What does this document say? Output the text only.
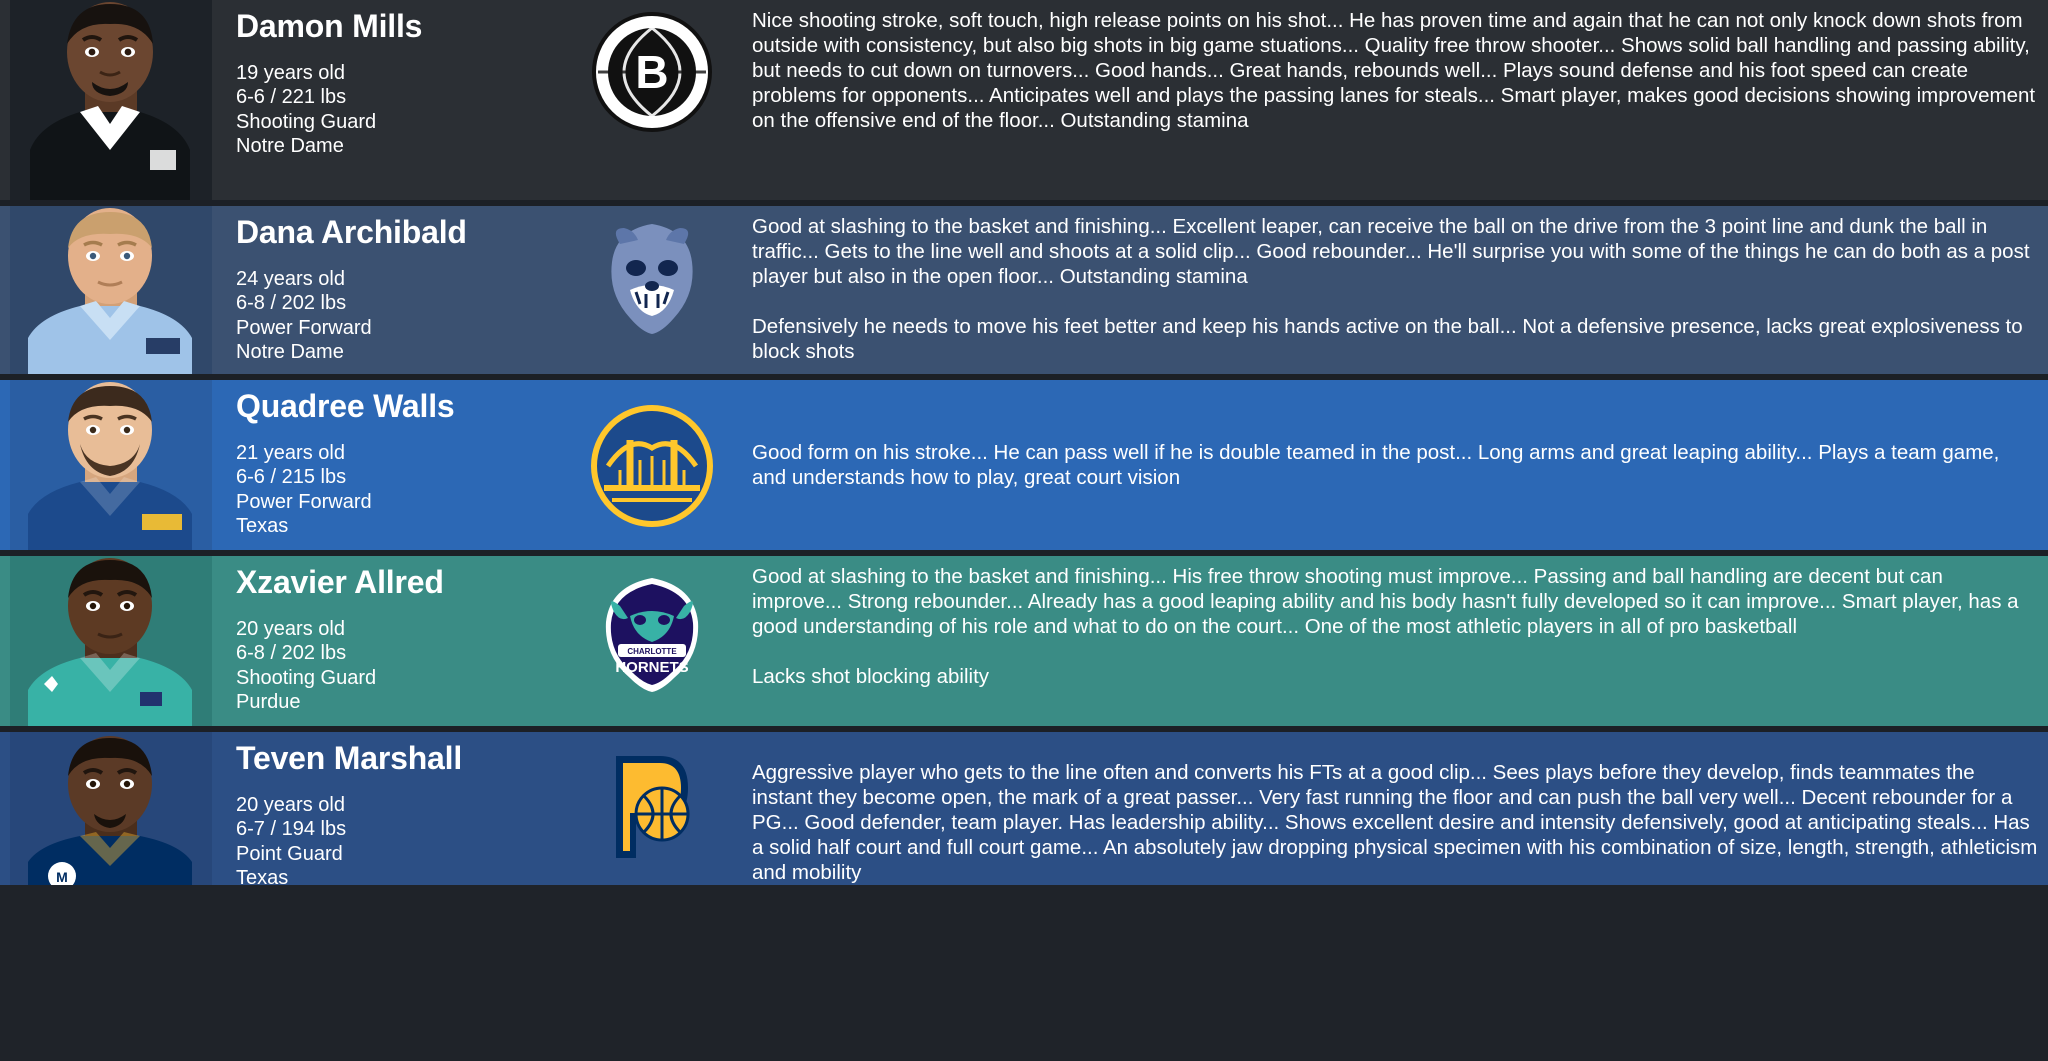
Damon Mills
19 years old
6-6 / 221 lbs
Shooting Guard
Notre Dame
B

Nice shooting stroke, soft touch, high release points on his shot... He has proven time and again that he can not only knock down shots from outside with consistency, but also big shots in big game stuations... Quality free throw shooter... Shows solid ball handling and passing ability, but needs to cut down on turnovers... Good hands... Great hands, rebounds well... Plays sound defense and his foot speed can create problems for opponents... Anticipates well and plays the passing lanes for steals... Smart player, makes good decisions showing improvement on the offensive end of the floor... Outstanding stamina

Dana Archibald
24 years old
6-8 / 202 lbs
Power Forward
Notre Dame

Good at slashing to the basket and finishing... Excellent leaper, can receive the ball on the drive from the 3 point line and dunk the ball in traffic... Gets to the line well and shoots at a solid clip... Good rebounder... He'll surprise you with some of the things he can do both as a post player but also in the open floor... Outstanding stamina

Defensively he needs to move his feet better and keep his hands active on the ball... Not a defensive presence, lacks great explosiveness to block shots

Quadree Walls
21 years old
6-6 / 215 lbs
Power Forward
Texas

Good form on his stroke... He can pass well if he is double teamed in the post... Long arms and great leaping ability... Plays a team game, and understands how to play, great court vision

Xzavier Allred
20 years old
6-8 / 202 lbs
Shooting Guard
Purdue
CHARLOTTE
HORNETS

Good at slashing to the basket and finishing... His free throw shooting must improve... Passing and ball handling are decent but can improve... Strong rebounder... Already has a good leaping ability and his body hasn't fully developed so it can improve... Smart player, has a good understanding of his role and what to do on the court... One of the most athletic players in all of pro basketball

Lacks shot blocking ability

M
Teven Marshall
20 years old
6-7 / 194 lbs
Point Guard
Texas

Aggressive player who gets to the line often and converts his FTs at a good clip... Sees plays before they develop, finds teammates the instant they become open, the mark of a great passer... Very fast running the floor and can push the ball very well... Decent rebounder for a PG... Good defender, team player. Has leadership ability... Shows excellent desire and intensity defensively, good at anticipating steals... Has a solid half court and full court game... An absolutely jaw dropping physical specimen with his combination of size, length, strength, athleticism and mobility
